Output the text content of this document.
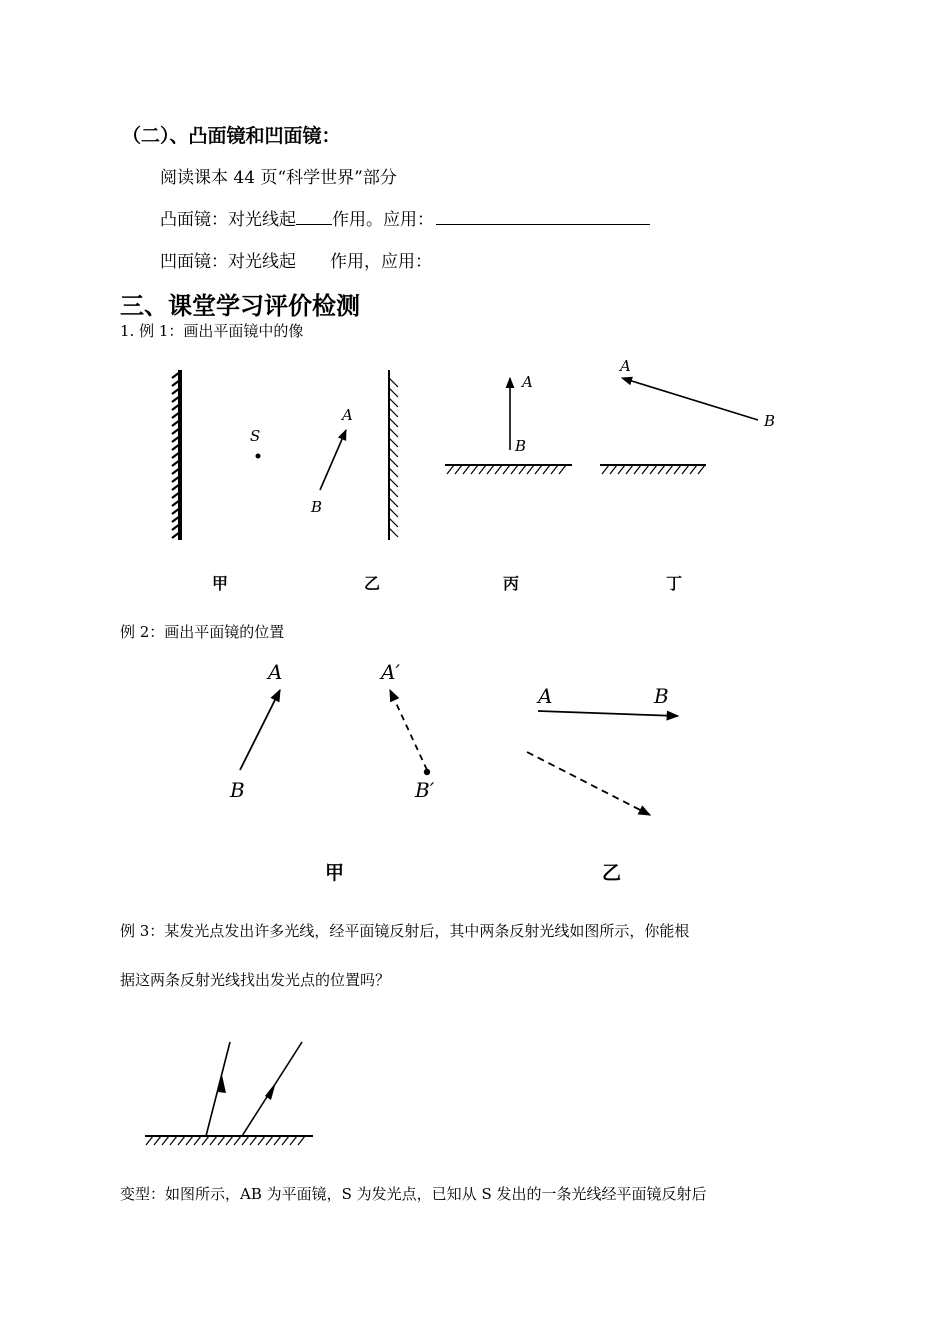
（二）、凸面镜和凹面镜：
阅读课本 44 页“科学世界”部分
凸面镜：对光线起 作用。应用：
凹面镜：对光线起 作用，应用：
三、课堂学习评价检测
1. 例 1：画出平面镜中的像
S
A
B
A
B
A
B
甲	乙	丙	丁
例 2：画出平面镜的位置
A
B
A′
B′
A	B
甲	乙
例 3：某发光点发出许多光线，经平面镜反射后，其中两条反射光线如图所示，你能根
据这两条反射光线找出发光点的位置吗？
变型：如图所示，AB 为平面镜，S 为发光点，已知从 S 发出的一条光线经平面镜反射后
